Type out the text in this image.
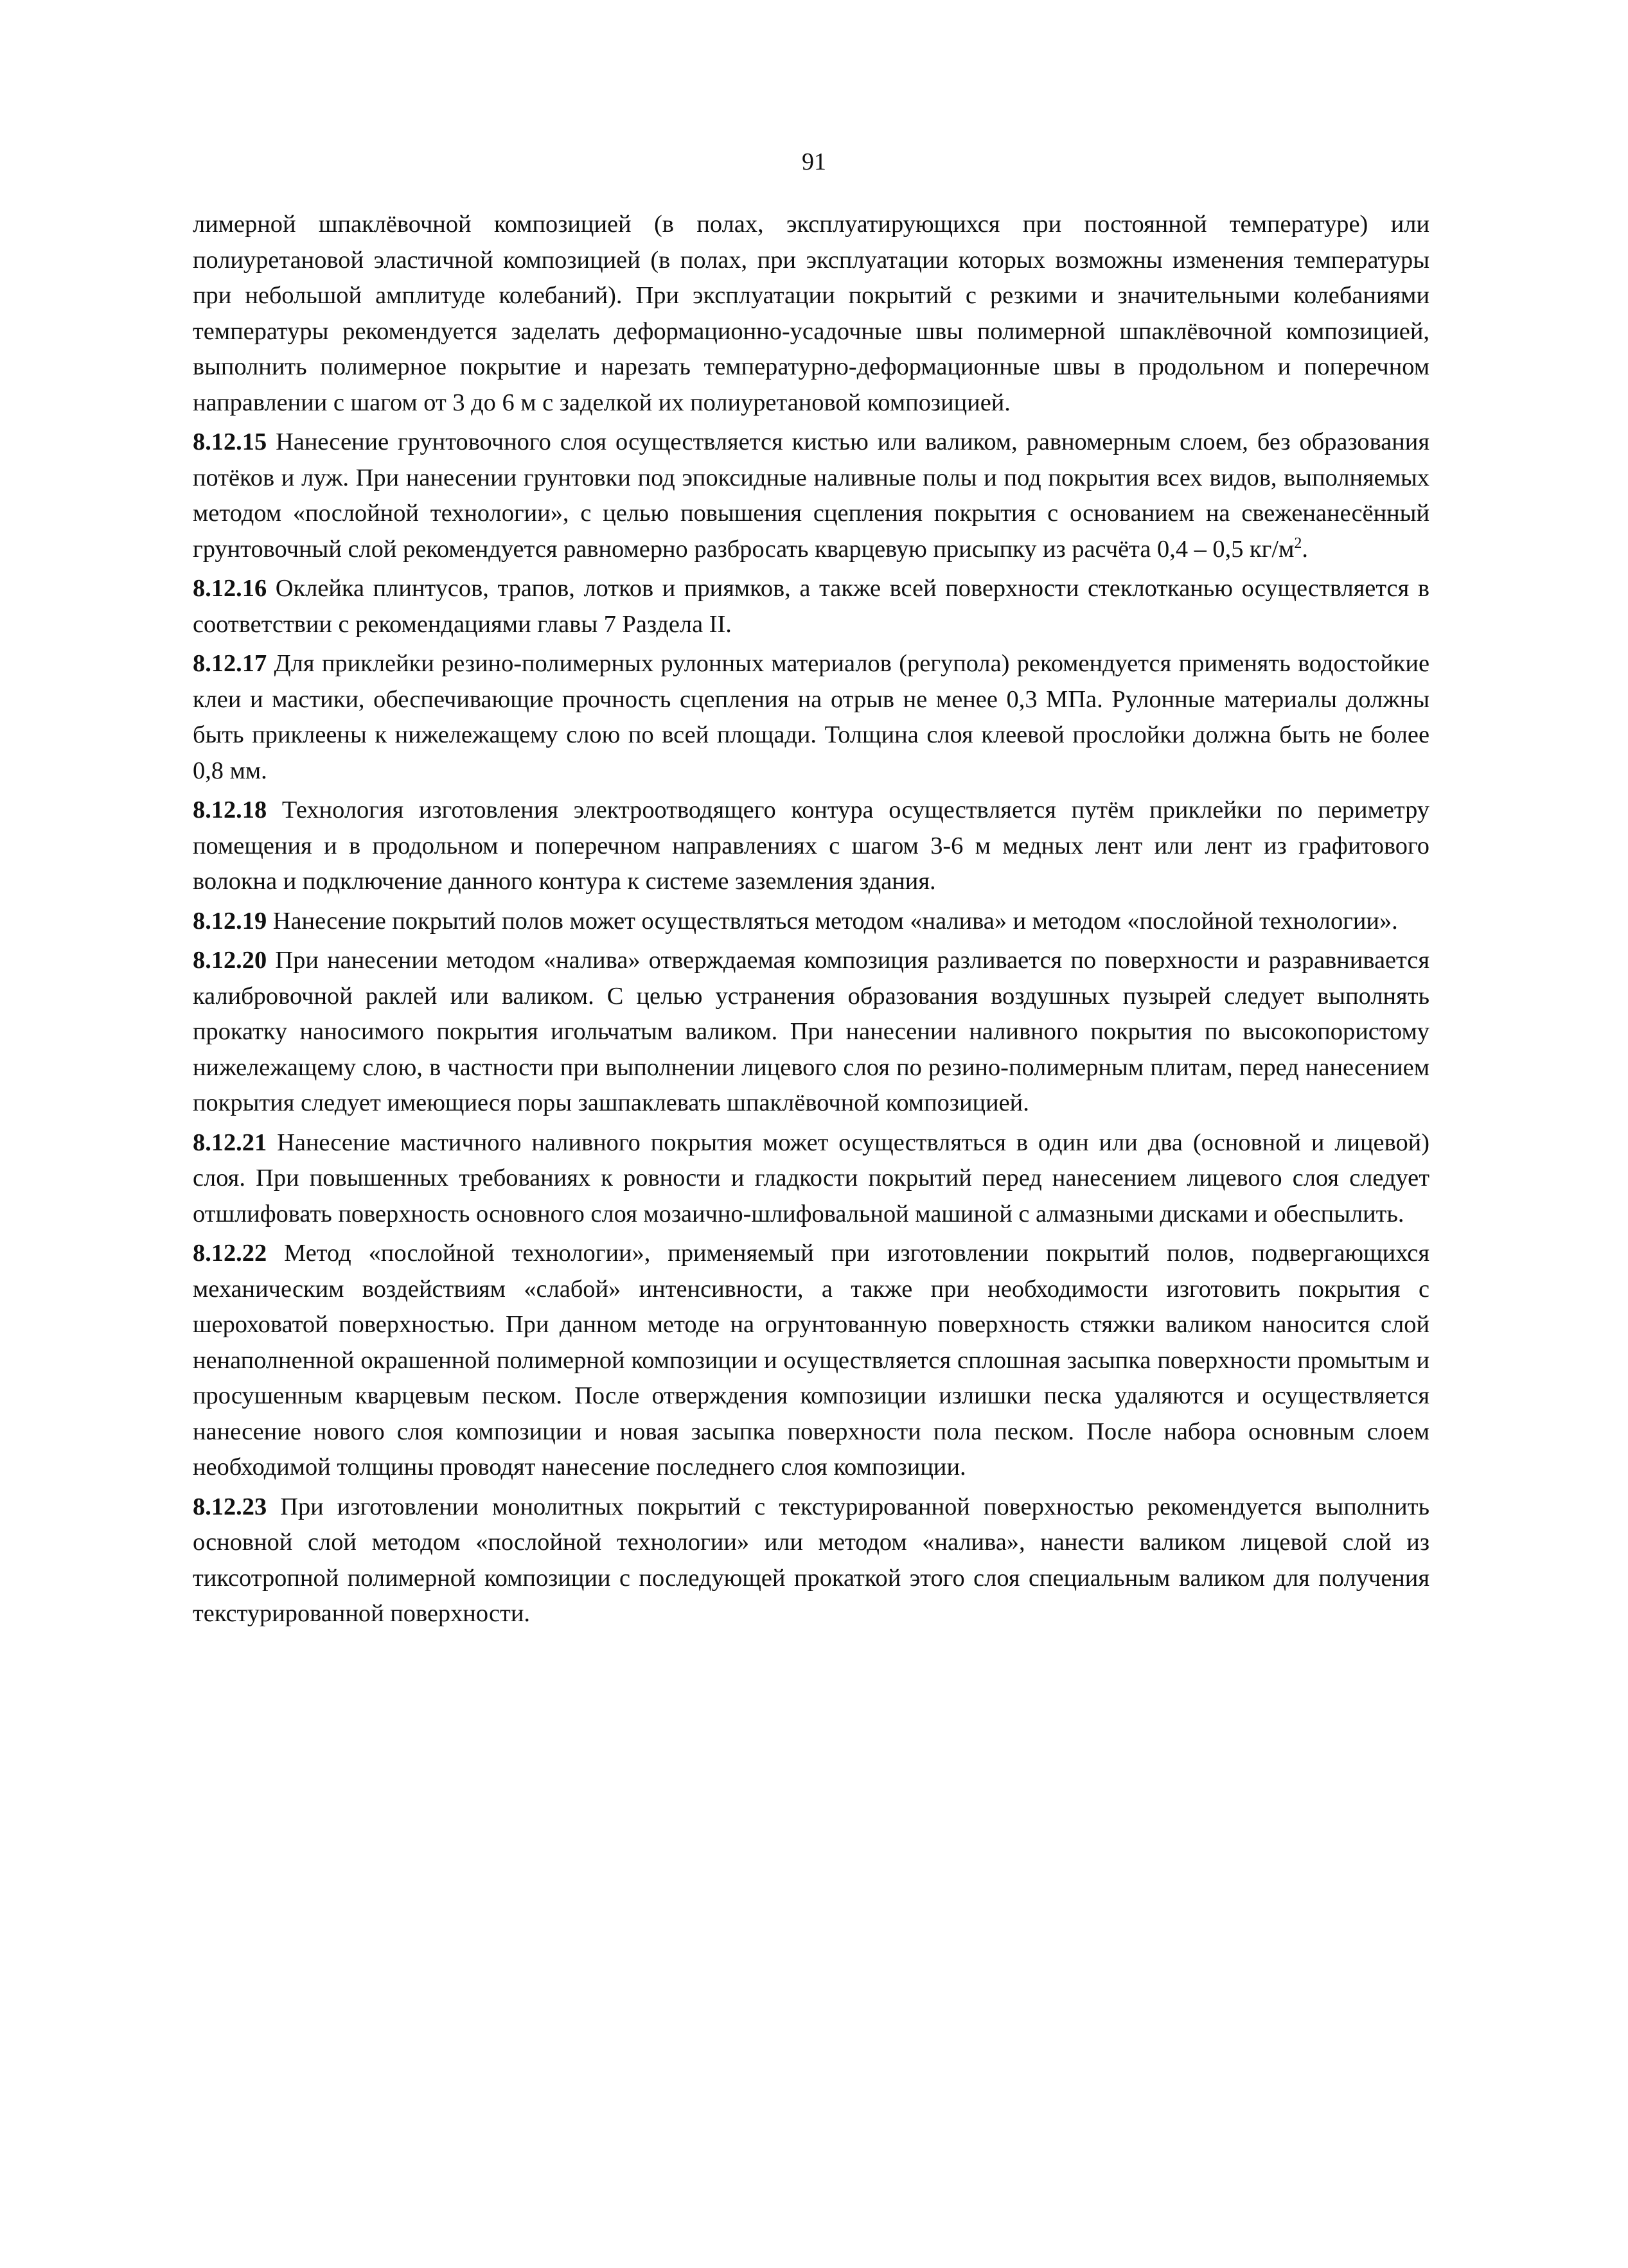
91

лимерной шпаклёвочной композицией (в полах, эксплуатирующихся при постоянной температуре) или полиуретановой эластичной композицией (в полах, при эксплуатации которых возможны изменения температуры при небольшой амплитуде колебаний). При эксплуатации покрытий с резкими и значительными колебаниями температуры рекомендуется заделать деформационно-усадочные швы полимерной шпаклёвочной композицией, выполнить полимерное покрытие и нарезать температурно-деформационные швы в продольном и поперечном направлении с шагом от 3 до 6 м с заделкой их полиуретановой композицией.

8.12.15 Нанесение грунтовочного слоя осуществляется кистью или валиком, равномерным слоем, без образования потёков и луж. При нанесении грунтовки под эпоксидные наливные полы и под покрытия всех видов, выполняемых методом «послойной технологии», с целью повышения сцепления покрытия с основанием на свеженанесённый грунтовочный слой рекомендуется равномерно разбросать кварцевую присыпку из расчёта 0,4 – 0,5 $кг/м^2$.

8.12.16 Оклейка плинтусов, трапов, лотков и приямков, а также всей поверхности стеклотканью осуществляется в соответствии с рекомендациями главы 7 Раздела II.

8.12.17 Для приклейки резино-полимерных рулонных материалов (регупола) рекомендуется применять водостойкие клеи и мастики, обеспечивающие прочность сцепления на отрыв не менее 0,3 МПа. Рулонные материалы должны быть приклеены к нижележащему слою по всей площади. Толщина слоя клеевой прослойки должна быть не более 0,8 мм.

8.12.18 Технология изготовления электроотводящего контура осуществляется путём приклейки по периметру помещения и в продольном и поперечном направлениях с шагом 3-6 м медных лент или лент из графитового волокна и подключение данного контура к системе заземления здания.

8.12.19 Нанесение покрытий полов может осуществляться методом «налива» и методом «послойной технологии».

8.12.20 При нанесении методом «налива» отверждаемая композиция разливается по поверхности и разравнивается калибровочной раклей или валиком. С целью устранения образования воздушных пузырей следует выполнять прокатку наносимого покрытия игольчатым валиком. При нанесении наливного покрытия по высокопористому нижележащему слою, в частности при выполнении лицевого слоя по резино-полимерным плитам, перед нанесением покрытия следует имеющиеся поры зашпаклевать шпаклёвочной композицией.

8.12.21 Нанесение мастичного наливного покрытия может осуществляться в один или два (основной и лицевой) слоя. При повышенных требованиях к ровности и гладкости покрытий перед нанесением лицевого слоя следует отшлифовать поверхность основного слоя мозаично-шлифовальной машиной с алмазными дисками и обеспылить.

8.12.22 Метод «послойной технологии», применяемый при изготовлении покрытий полов, подвергающихся механическим воздействиям «слабой» интенсивности, а также при необходимости изготовить покрытия с шероховатой поверхностью. При данном методе на огрунтованную поверхность стяжки валиком наносится слой ненаполненной окрашенной полимерной композиции и осуществляется сплошная засыпка поверхности промытым и просушенным кварцевым песком. После отверждения композиции излишки песка удаляются и осуществляется нанесение нового слоя композиции и новая засыпка поверхности пола песком. После набора основным слоем необходимой толщины проводят нанесение последнего слоя композиции.

8.12.23 При изготовлении монолитных покрытий с текстурированной поверхностью рекомендуется выполнить основной слой методом «послойной технологии» или методом «налива», нанести валиком лицевой слой из тиксотропной полимерной композиции с последующей прокаткой этого слоя специальным валиком для получения текстурированной поверхности.
